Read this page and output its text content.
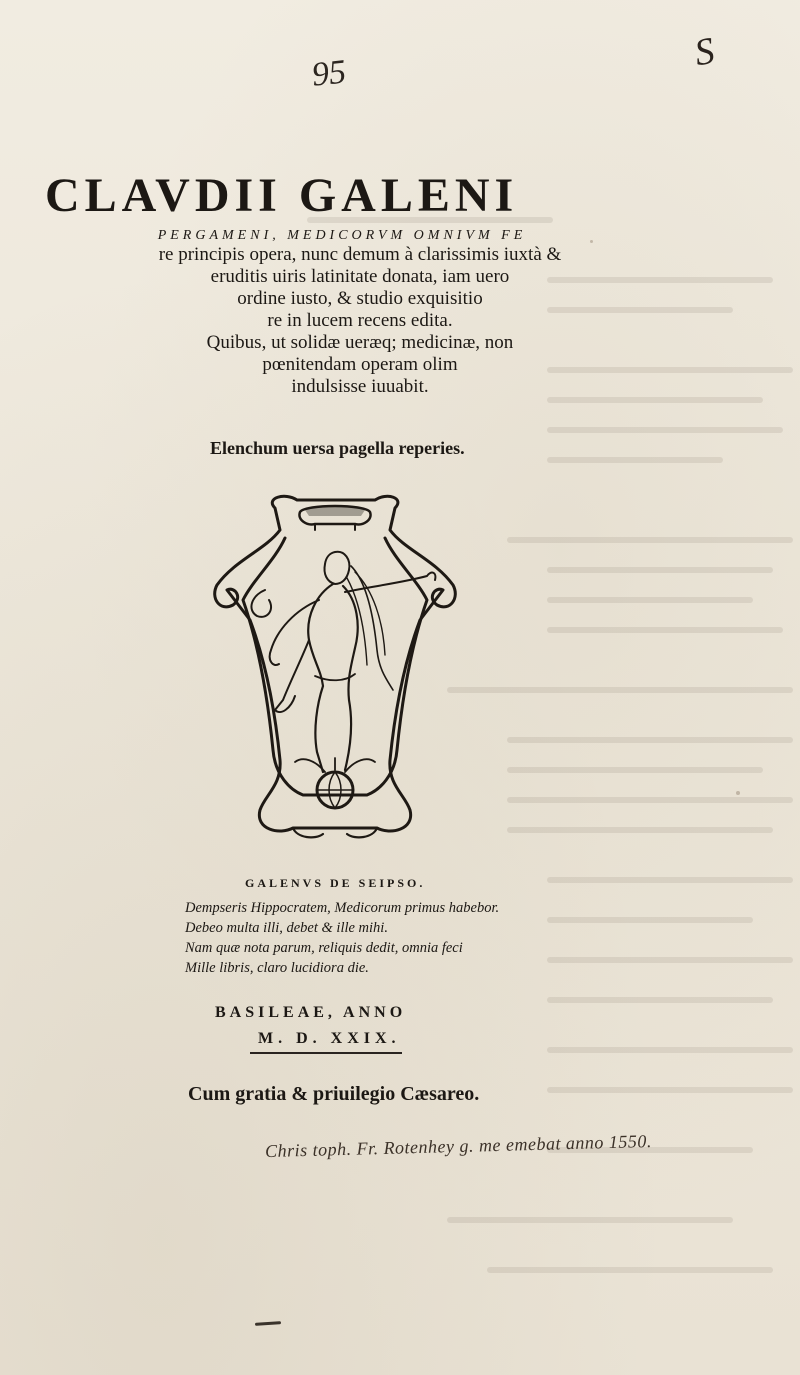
95	S
CLAVDII GALENI
PERGAMENI, MEDICORVM OMNIVM FE
re principis opera, nunc demum à clarissimis iuxtà &
eruditis uiris latinitate donata, iam uero
ordine iusto, & studio exquisitio
re in lucem recens edita.
Quibus, ut solidæ ueræq; medicinæ, non
pœnitendam operam olim
indulsisse iuuabit.
Elenchum uersa pagella reperies.
GALENVS DE SEIPSO.
Dempseris Hippocratem, Medicorum primus habebor.
Debeo multa illi, debet & ille mihi.
Nam quæ nota parum, reliquis dedit, omnia feci
Mille libris, claro lucidiora die.
BASILEAE, ANNO
M. D. XXIX.
Cum gratia & priuilegio Cæsareo.
Chris toph. Fr. Rotenhey g. me emebat anno 1550.
